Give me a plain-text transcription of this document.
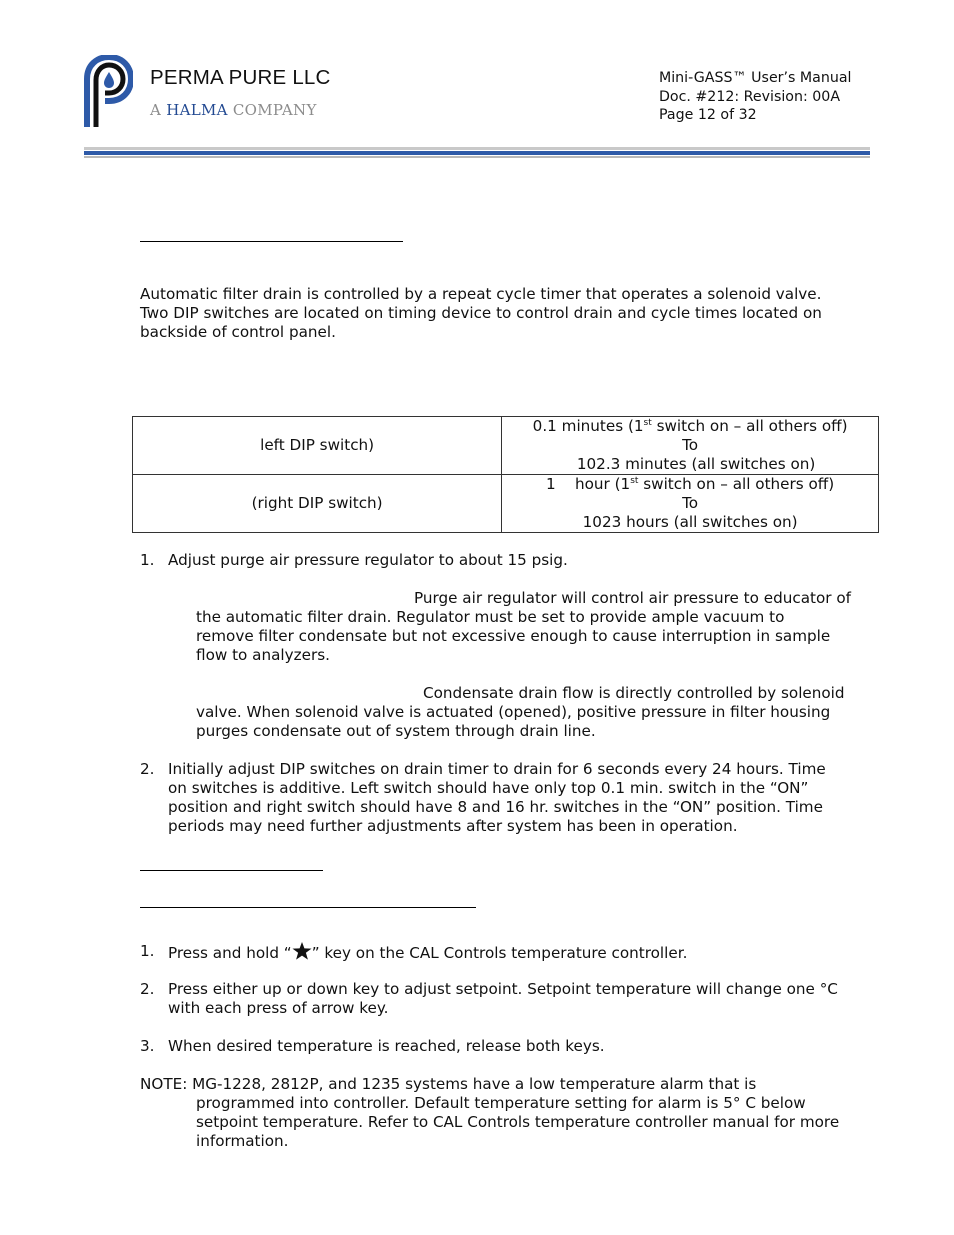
PERMA PURE LLC
A HALMA COMPANY
Mini-GASS™ User’s Manual
Doc. #212: Revision: 00A
Page 12 of 32
Automatic filter drain is controlled by a repeat cycle timer that operates a solenoid valve.
Two DIP switches are located on timing device to control drain and cycle times located on
backside of control panel.
left DIP switch)	0.1 minutes (1st switch on – all others off)
To
102.3 minutes (all switches on)

(right DIP switch)	1    hour (1st switch on – all others off)
To
1023 hours (all switches on)
1. Adjust purge air pressure regulator to about 15 psig.
Purge air regulator will control air pressure to educator of
the automatic filter drain. Regulator must be set to provide ample vacuum to
remove filter condensate but not excessive enough to cause interruption in sample
flow to analyzers.
Condensate drain flow is directly controlled by solenoid
valve. When solenoid valve is actuated (opened), positive pressure in filter housing
purges condensate out of system through drain line.
2. Initially adjust DIP switches on drain timer to drain for 6 seconds every 24 hours. Time
on switches is additive. Left switch should have only top 0.1 min. switch in the “ON”
position and right switch should have 8 and 16 hr. switches in the “ON” position. Time
periods may need further adjustments after system has been in operation.
1. Press and hold “ ” key on the CAL Controls temperature controller.
2. Press either up or down key to adjust setpoint. Setpoint temperature will change one °C
with each press of arrow key.
3. When desired temperature is reached, release both keys.
NOTE: MG-1228, 2812P, and 1235 systems have a low temperature alarm that is
programmed into controller. Default temperature setting for alarm is 5° C below
setpoint temperature. Refer to CAL Controls temperature controller manual for more
information.
